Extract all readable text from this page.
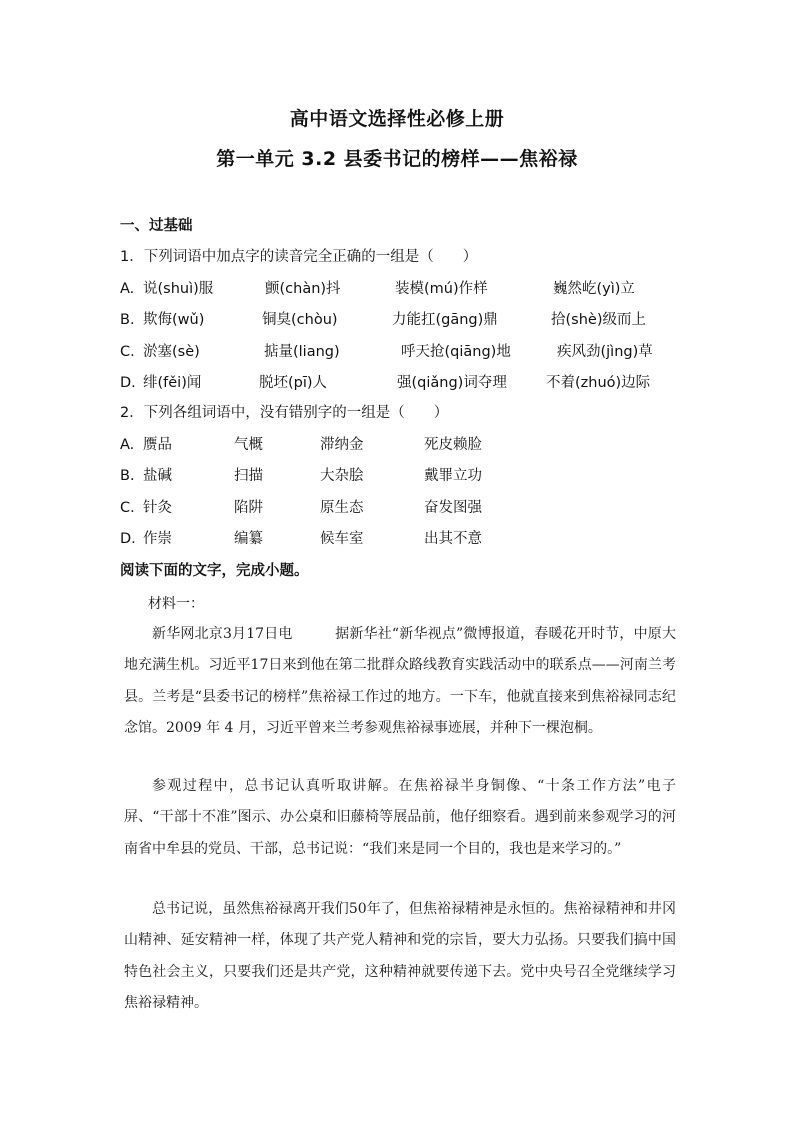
高中语文选择性必修上册
第一单元 3.2 县委书记的榜样——焦裕禄
一、过基础
1．下列词语中加点字的读音完全正确的一组是（　　）
A. 说(shuì)服	颤(chàn)抖	装模(mú)作样	巍然屹(yì)立
B. 欺侮(wǔ)	铜臭(chòu)	力能扛(gāng)鼎	拾(shè)级而上
C. 淤塞(sè)	掂量(liang)	呼天抢(qiāng)地	疾风劲(jìng)草
D. 绯(fěi)闻	脱坯(pī)人	强(qiǎng)词夺理	不着(zhuó)边际
2．下列各组词语中，没有错别字的一组是（　　）
A. 赝品	气概	滞纳金	死皮赖脸
B. 盐碱	扫描	大杂脍	戴罪立功
C. 针灸	陷阱	原生态	奋发图强
D. 作崇	编纂	候车室	出其不意
阅读下面的文字，完成小题。
材料一：
新华网北京3月17日电　　　据新华社“新华视点”微博报道，春暖花开时节，中原大地充满生机。习近平17日来到他在第二批群众路线教育实践活动中的联系点——河南兰考县。兰考是“县委书记的榜样”焦裕禄工作过的地方。一下车，他就直接来到焦裕禄同志纪念馆。2009 年 4 月，习近平曾来兰考参观焦裕禄事迹展，并种下一棵泡桐。
参观过程中，总书记认真听取讲解。在焦裕禄半身铜像、“十条工作方法”电子屏、“干部十不准”图示、办公桌和旧藤椅等展品前，他仔细察看。遇到前来参观学习的河南省中牟县的党员、干部，总书记说：“我们来是同一个目的，我也是来学习的。”
总书记说，虽然焦裕禄离开我们50年了，但焦裕禄精神是永恒的。焦裕禄精神和井冈山精神、延安精神一样，体现了共产党人精神和党的宗旨，要大力弘扬。只要我们搞中国特色社会主义，只要我们还是共产党，这种精神就要传递下去。党中央号召全党继续学习焦裕禄精神。
